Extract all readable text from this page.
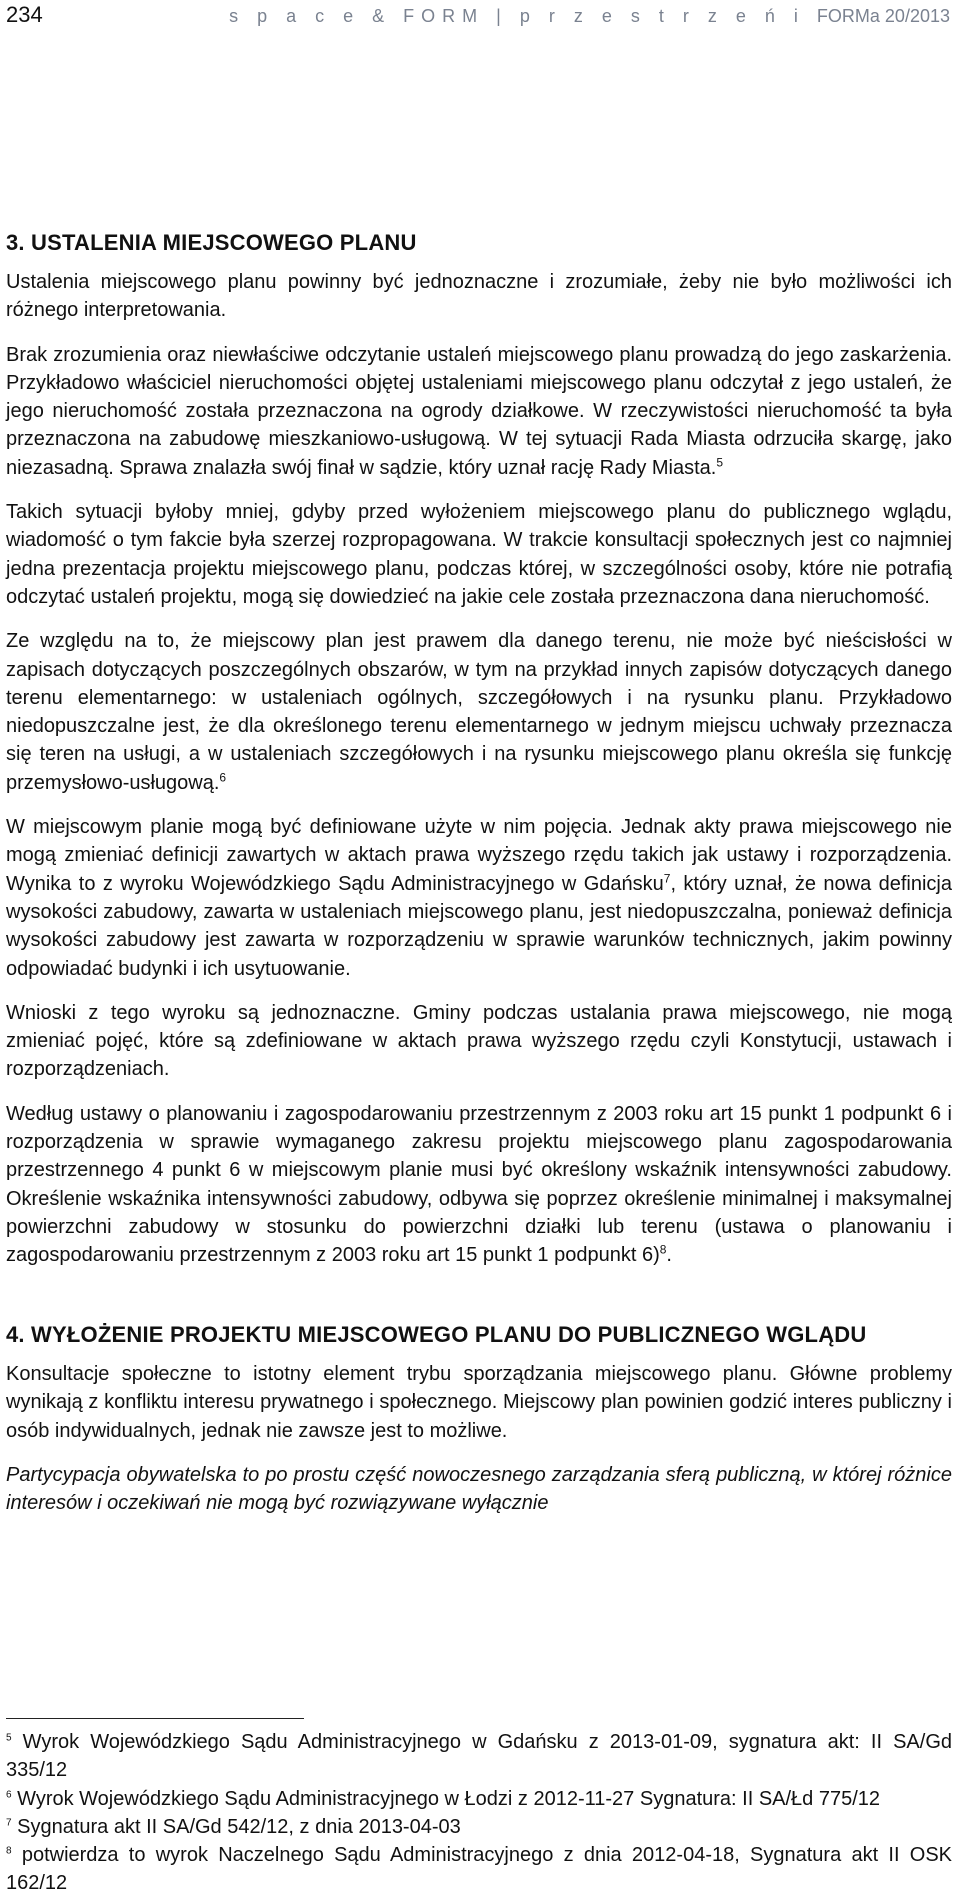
234	s p a c e & FORM | p r z e s t r z e ń i FORMa 20/2013
3. USTALENIA MIEJSCOWEGO PLANU

Ustalenia miejscowego planu powinny być jednoznaczne i zrozumiałe, żeby nie było możliwości ich różnego interpretowania.

Brak zrozumienia oraz niewłaściwe odczytanie ustaleń miejscowego planu prowadzą do jego zaskarżenia. Przykładowo właściciel nieruchomości objętej ustaleniami miejscowego planu odczytał z jego ustaleń, że jego nieruchomość została przeznaczona na ogrody działkowe. W rzeczywistości nieruchomość ta była przeznaczona na zabudowę mieszkaniowo-usługową. W tej sytuacji Rada Miasta odrzuciła skargę, jako niezasadną. Sprawa znalazła swój finał w sądzie, który uznał rację Rady Miasta.$^5$

Takich sytuacji byłoby mniej, gdyby przed wyłożeniem miejscowego planu do publicznego wglądu, wiadomość o tym fakcie była szerzej rozpropagowana. W trakcie konsultacji społecznych jest co najmniej jedna prezentacja projektu miejscowego planu, podczas której, w szczególności osoby, które nie potrafią odczytać ustaleń projektu, mogą się dowiedzieć na jakie cele została przeznaczona dana nieruchomość.

Ze względu na to, że miejscowy plan jest prawem dla danego terenu, nie może być nieścisłości w zapisach dotyczących poszczególnych obszarów, w tym na przykład innych zapisów dotyczących danego terenu elementarnego: w ustaleniach ogólnych, szczegółowych i na rysunku planu. Przykładowo niedopuszczalne jest, że dla określonego terenu elementarnego w jednym miejscu uchwały przeznacza się teren na usługi, a w ustaleniach szczegółowych i na rysunku miejscowego planu określa się funkcję przemysłowo-usługową.$^6$

W miejscowym planie mogą być definiowane użyte w nim pojęcia. Jednak akty prawa miejscowego nie mogą zmieniać definicji zawartych w aktach prawa wyższego rzędu takich jak ustawy i rozporządzenia. Wynika to z wyroku Wojewódzkiego Sądu Administracyjnego w Gdańsku$^7$, który uznał, że nowa definicja wysokości zabudowy, zawarta w ustaleniach miejscowego planu, jest niedopuszczalna, ponieważ definicja wysokości zabudowy jest zawarta w rozporządzeniu w sprawie warunków technicznych, jakim powinny odpowiadać budynki i ich usytuowanie.

Wnioski z tego wyroku są jednoznaczne. Gminy podczas ustalania prawa miejscowego, nie mogą zmieniać pojęć, które są zdefiniowane w aktach prawa wyższego rzędu czyli Konstytucji, ustawach i rozporządzeniach.

Według ustawy o planowaniu i zagospodarowaniu przestrzennym z 2003 roku art 15 punkt 1 podpunkt 6 i rozporządzenia w sprawie wymaganego zakresu projektu miejscowego planu zagospodarowania przestrzennego 4 punkt 6 w miejscowym planie musi być określony wskaźnik intensywności zabudowy. Określenie wskaźnika intensywności zabudowy, odbywa się poprzez określenie minimalnej i maksymalnej powierzchni zabudowy w stosunku do powierzchni działki lub terenu (ustawa o planowaniu i zagospodarowaniu przestrzennym z 2003 roku art 15 punkt 1 podpunkt 6)$^8$.

4. WYŁOŻENIE PROJEKTU MIEJSCOWEGO PLANU DO PUBLICZNEGO WGLĄDU

Konsultacje społeczne to istotny element trybu sporządzania miejscowego planu. Główne problemy wynikają z konfliktu interesu prywatnego i społecznego. Miejscowy plan powinien godzić interes publiczny i osób indywidualnych, jednak nie zawsze jest to możliwe.

Partycypacja obywatelska to po prostu część nowoczesnego zarządzania sferą publiczną, w której różnice interesów i oczekiwań nie mogą być rozwiązywane wyłącznie

$^5$ Wyrok Wojewódzkiego Sądu Administracyjnego w Gdańsku z 2013-01-09, sygnatura akt: II SA/Gd 335/12

$^6$ Wyrok Wojewódzkiego Sądu Administracyjnego w Łodzi z 2012-11-27 Sygnatura: II SA/Łd 775/12

$^7$ Sygnatura akt II SA/Gd 542/12, z dnia 2013-04-03

$^8$ potwierdza to wyrok Naczelnego Sądu Administracyjnego z dnia 2012-04-18, Sygnatura akt II OSK 162/12
